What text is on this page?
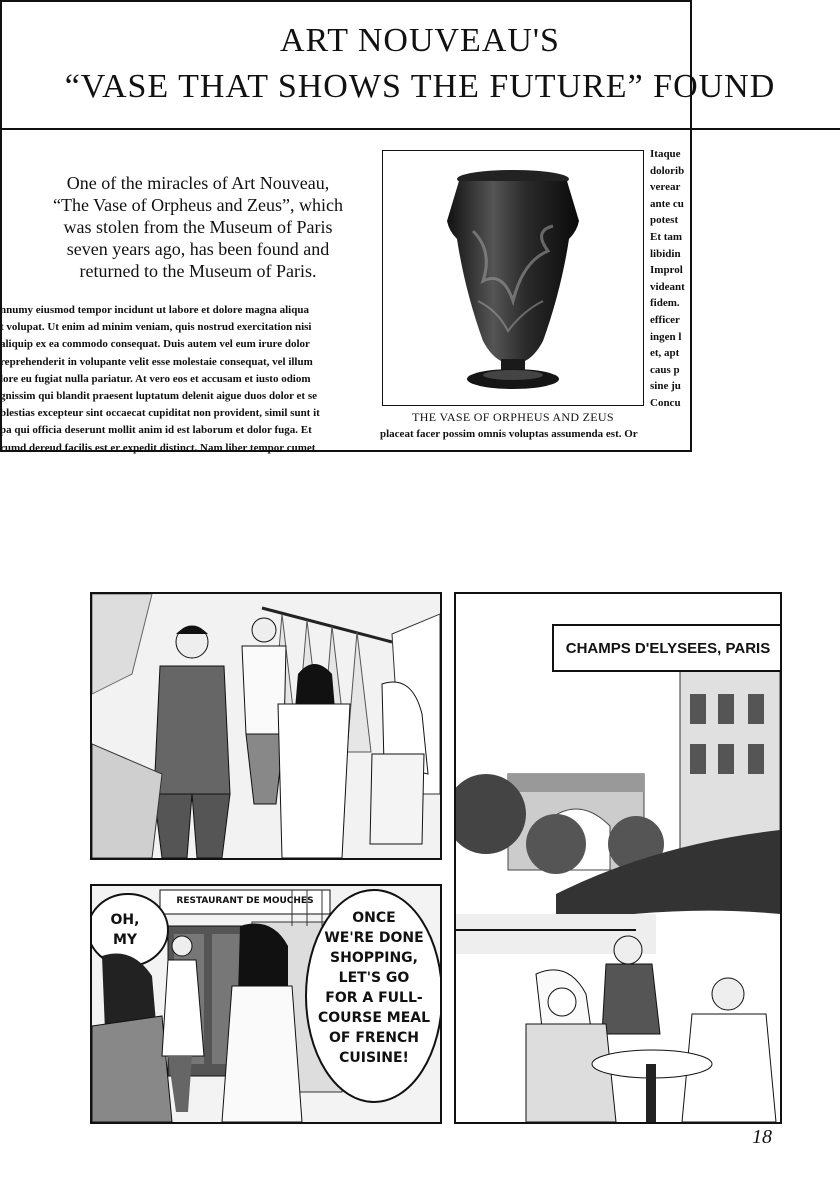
ART NOUVEAU'S
“VASE THAT SHOWS THE FUTURE” FOUND
One of the miracles of Art Nouveau,
“The Vase of Orpheus and Zeus”, which
was stolen from the Museum of Paris
seven years ago, has been found and
returned to the Museum of Paris.
nnumy eiusmod tempor incidunt ut labore et dolore magna aliqua
t volupat. Ut enim ad minim veniam, quis nostrud exercitation nisi
aliquip ex ea commodo consequat. Duis autem vel eum irure dolor
reprehenderit in volupante velit esse molestaie consequat, vel illum
lore eu fugiat nulla pariatur. At vero eos et accusam et iusto odiom
gnissim qui blandit praesent luptatum delenit aigue duos dolor et se
blestias excepteur sint occaecat cupiditat non provident, simil sunt it
pa qui officia deserunt mollit anim id est laborum et dolor fuga. Et
rumd dereud facilis est er expedit distinct. Nam liber tempor cumet
THE VASE OF ORPHEUS AND ZEUS
Itaque
dolorib
verear
ante cu
potest
Et tam
libidin
Improl
videant
fidem.
efficer
ingen l
et, apt
caus p
sine ju
Concu
placeat facer possim omnis voluptas assumenda est. Or
OH,
MY
RESTAURANT DE MOUCHES
ONCE
WE'RE DONE
SHOPPING,
LET'S GO
FOR A FULL-
COURSE MEAL
OF FRENCH
CUISINE!
CHAMPS D'ELYSEES, PARIS
18
